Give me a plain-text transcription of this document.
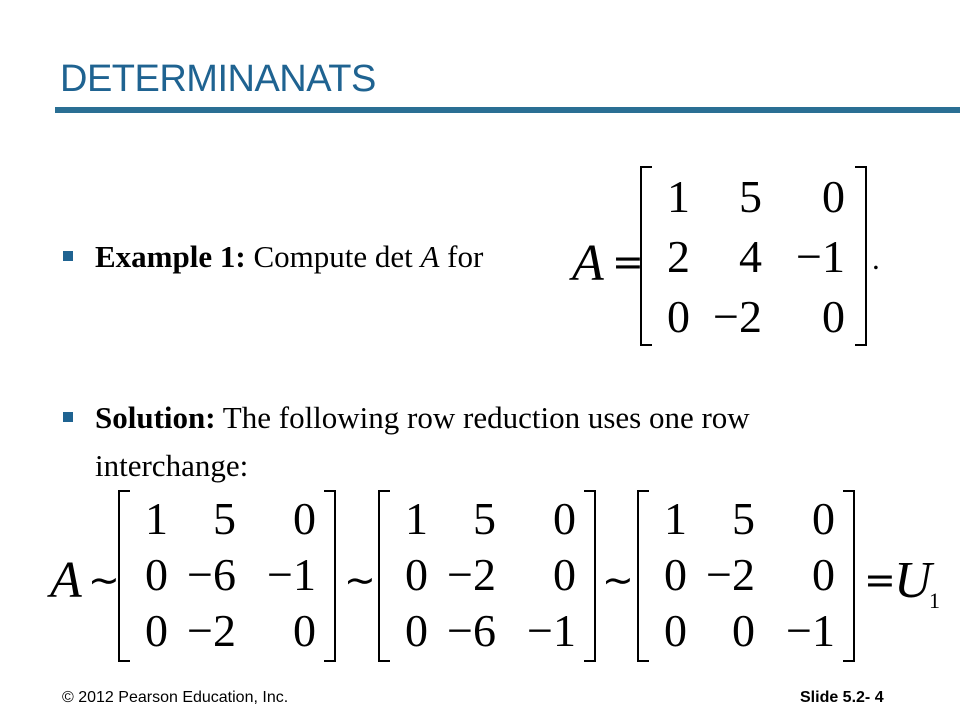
DETERMINANATS
Example 1: Compute det A for A =
1	5	0
2	4 −1
0 −2	0
.
Solution: The following row reduction uses one row
interchange:
A ∼
1 5	0
0 −6 −1
0 −2	0
∼
1 5	0
0 −2	0
0 −6 −1
∼
1 5	0
0 −2	0
0 0 −1
=
U
1
© 2012 Pearson Education, Inc.	Slide 5.2- 4
